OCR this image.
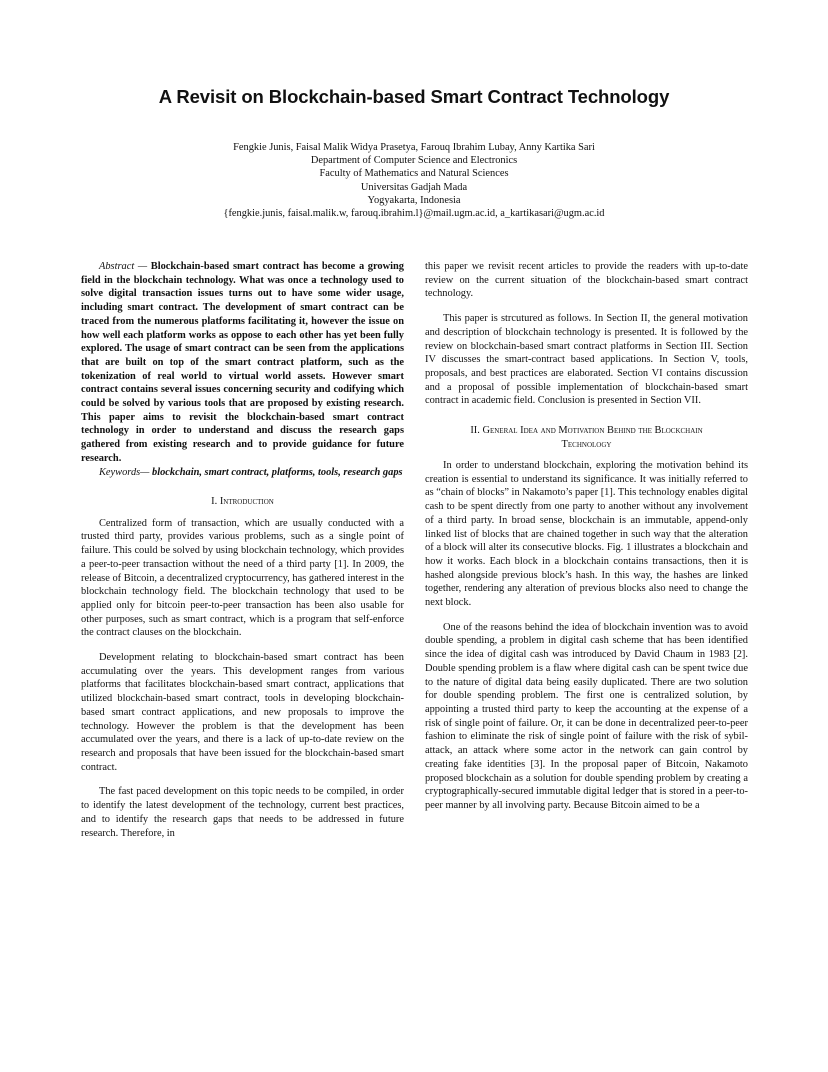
A Revisit on Blockchain-based Smart Contract Technology
Fengkie Junis, Faisal Malik Widya Prasetya, Farouq Ibrahim Lubay, Anny Kartika Sari
Department of Computer Science and Electronics
Faculty of Mathematics and Natural Sciences
Universitas Gadjah Mada
Yogyakarta, Indonesia
{fengkie.junis, faisal.malik.w, farouq.ibrahim.l}@mail.ugm.ac.id, a_kartikasari@ugm.ac.id

Abstract — Blockchain-based smart contract has become a growing field in the blockchain technology. What was once a technology used to solve digital transaction issues turns out to have some wider usage, including smart contract. The development of smart contract can be traced from the numerous platforms facilitating it, however the issue on how well each platform works as oppose to each other has yet been fully explored. The usage of smart contract can be seen from the applications that are built on top of the smart contract platform, such as the tokenization of real world to virtual world assets. However smart contract contains several issues concerning security and codifying which could be solved by various tools that are proposed by existing research. This paper aims to revisit the blockchain-based smart contract technology in order to understand and discuss the research gaps gathered from existing research and to provide guidance for future research.

Keywords— blockchain, smart contract, platforms, tools, research gaps

I. Introduction

Centralized form of transaction, which are usually conducted with a trusted third party, provides various problems, such as a single point of failure. This could be solved by using blockchain technology, which provides a peer-to-peer transaction without the need of a third party [1]. In 2009, the release of Bitcoin, a decentralized cryptocurrency, has gathered interest in the blockchain technology field. The blockchain technology that used to be applied only for bitcoin peer-to-peer transaction has been also usable for other purposes, such as smart contract, which is a program that self-enforce the contract clauses on the blockchain.

Development relating to blockchain-based smart contract has been accumulating over the years. This development ranges from various platforms that facilitates blockchain-based smart contract, applications that utilized blockchain-based smart contract, tools in developing blockchain-based smart contract applications, and new proposals to improve the technology. However the problem is that the development has been accumulated over the years, and there is a lack of up-to-date review on the research and proposals that have been issued for the blockchain-based smart contract.

The fast paced development on this topic needs to be compiled, in order to identify the latest development of the technology, current best practices, and to identify the research gaps that needs to be addressed in future research. Therefore, in

this paper we revisit recent articles to provide the readers with up-to-date review on the current situation of the blockchain-based smart contract technology.

This paper is strcutured as follows. In Section II, the general motivation and description of blockchain technology is presented. It is followed by the review on blockchain-based smart contract platforms in Section III. Section IV discusses the smart-contract based applications. In Section V, tools, proposals, and best practices are elaborated. Section VI contains discussion and a proposal of possible implementation of blockchain-based smart contract in academic field. Conclusion is presented in Section VII.

II. General Idea and Motivation Behind the Blockchain
Technology

In order to understand blockchain, exploring the motivation behind its creation is essential to understand its significance. It was initially referred to as “chain of blocks” in Nakamoto’s paper [1]. This technology enables digital cash to be spent directly from one party to another without any involvement of a third party. In broad sense, blockchain is an immutable, append-only linked list of blocks that are chained together in such way that the alteration of a block will alter its consecutive blocks. Fig. 1 illustrates a blockchain and how it works. Each block in a blockchain contains transactions, then it is hashed alongside previous block’s hash. In this way, the hashes are linked together, rendering any alteration of previous blocks also need to change the next block.

One of the reasons behind the idea of blockchain invention was to avoid double spending, a problem in digital cash scheme that has been identified since the idea of digital cash was introduced by David Chaum in 1983 [2]. Double spending problem is a flaw where digital cash can be spent twice due to the nature of digital data being easily duplicated. There are two solution for double spending problem. The first one is centralized solution, by appointing a trusted third party to keep the accounting at the expense of a risk of single point of failure. Or, it can be done in decentralized peer-to-peer fashion to eliminate the risk of single point of failure with the risk of sybil-attack, an attack where some actor in the network can gain control by creating fake identities [3]. In the proposal paper of Bitcoin, Nakamoto proposed blockchain as a solution for double spending problem by creating a cryptographically-secured immutable digital ledger that is stored in a peer-to-peer manner by all involving party. Because Bitcoin aimed to be a
